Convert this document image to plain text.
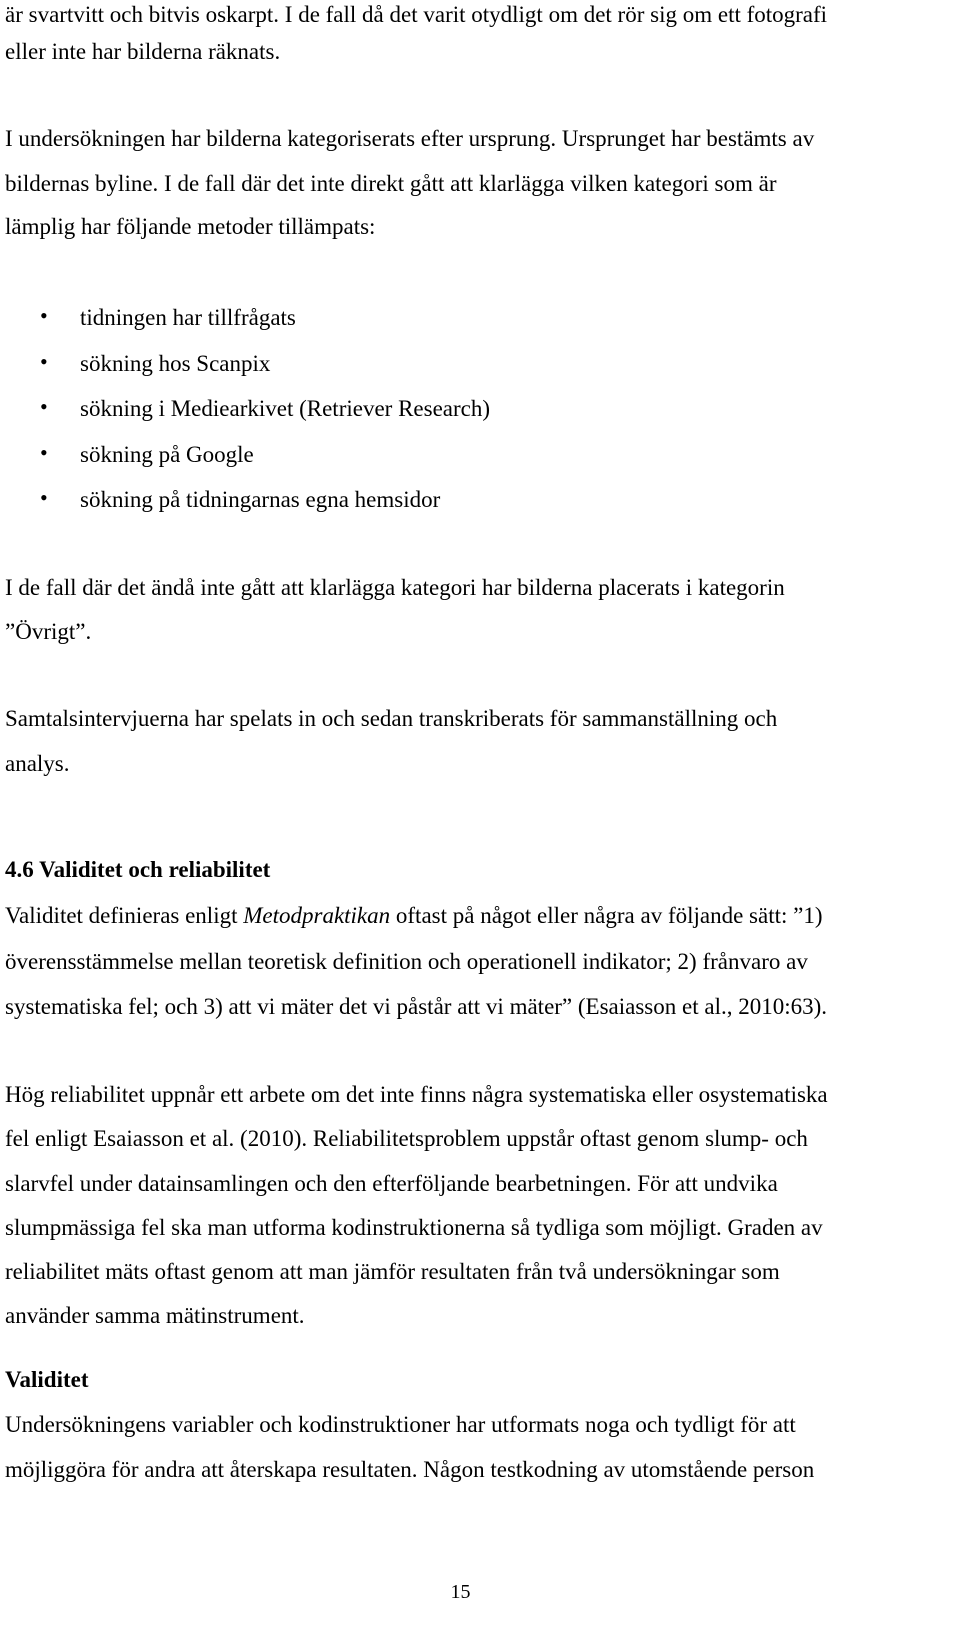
är svartvitt och bitvis oskarpt. I de fall då det varit otydligt om det rör sig om ett fotografi
eller inte har bilderna räknats.
I undersökningen har bilderna kategoriserats efter ursprung. Ursprunget har bestämts av
bildernas byline. I de fall där det inte direkt gått att klarlägga vilken kategori som är
lämplig har följande metoder tillämpats:
• tidningen har tillfrågats
• sökning hos Scanpix
• sökning i Mediearkivet (Retriever Research)
• sökning på Google
• sökning på tidningarnas egna hemsidor
I de fall där det ändå inte gått att klarlägga kategori har bilderna placerats i kategorin
”Övrigt”.
Samtalsintervjuerna har spelats in och sedan transkriberats för sammanställning och
analys.
4.6 Validitet och reliabilitet
Validitet definieras enligt Metodpraktikan oftast på något eller några av följande sätt: ”1)
överensstämmelse mellan teoretisk definition och operationell indikator; 2) frånvaro av
systematiska fel; och 3) att vi mäter det vi påstår att vi mäter” (Esaiasson et al., 2010:63).
Hög reliabilitet uppnår ett arbete om det inte finns några systematiska eller osystematiska
fel enligt Esaiasson et al. (2010). Reliabilitetsproblem uppstår oftast genom slump- och
slarvfel under datainsamlingen och den efterföljande bearbetningen. För att undvika
slumpmässiga fel ska man utforma kodinstruktionerna så tydliga som möjligt. Graden av
reliabilitet mäts oftast genom att man jämför resultaten från två undersökningar som
använder samma mätinstrument.
Validitet
Undersökningens variabler och kodinstruktioner har utformats noga och tydligt för att
möjliggöra för andra att återskapa resultaten. Någon testkodning av utomstående person
15
